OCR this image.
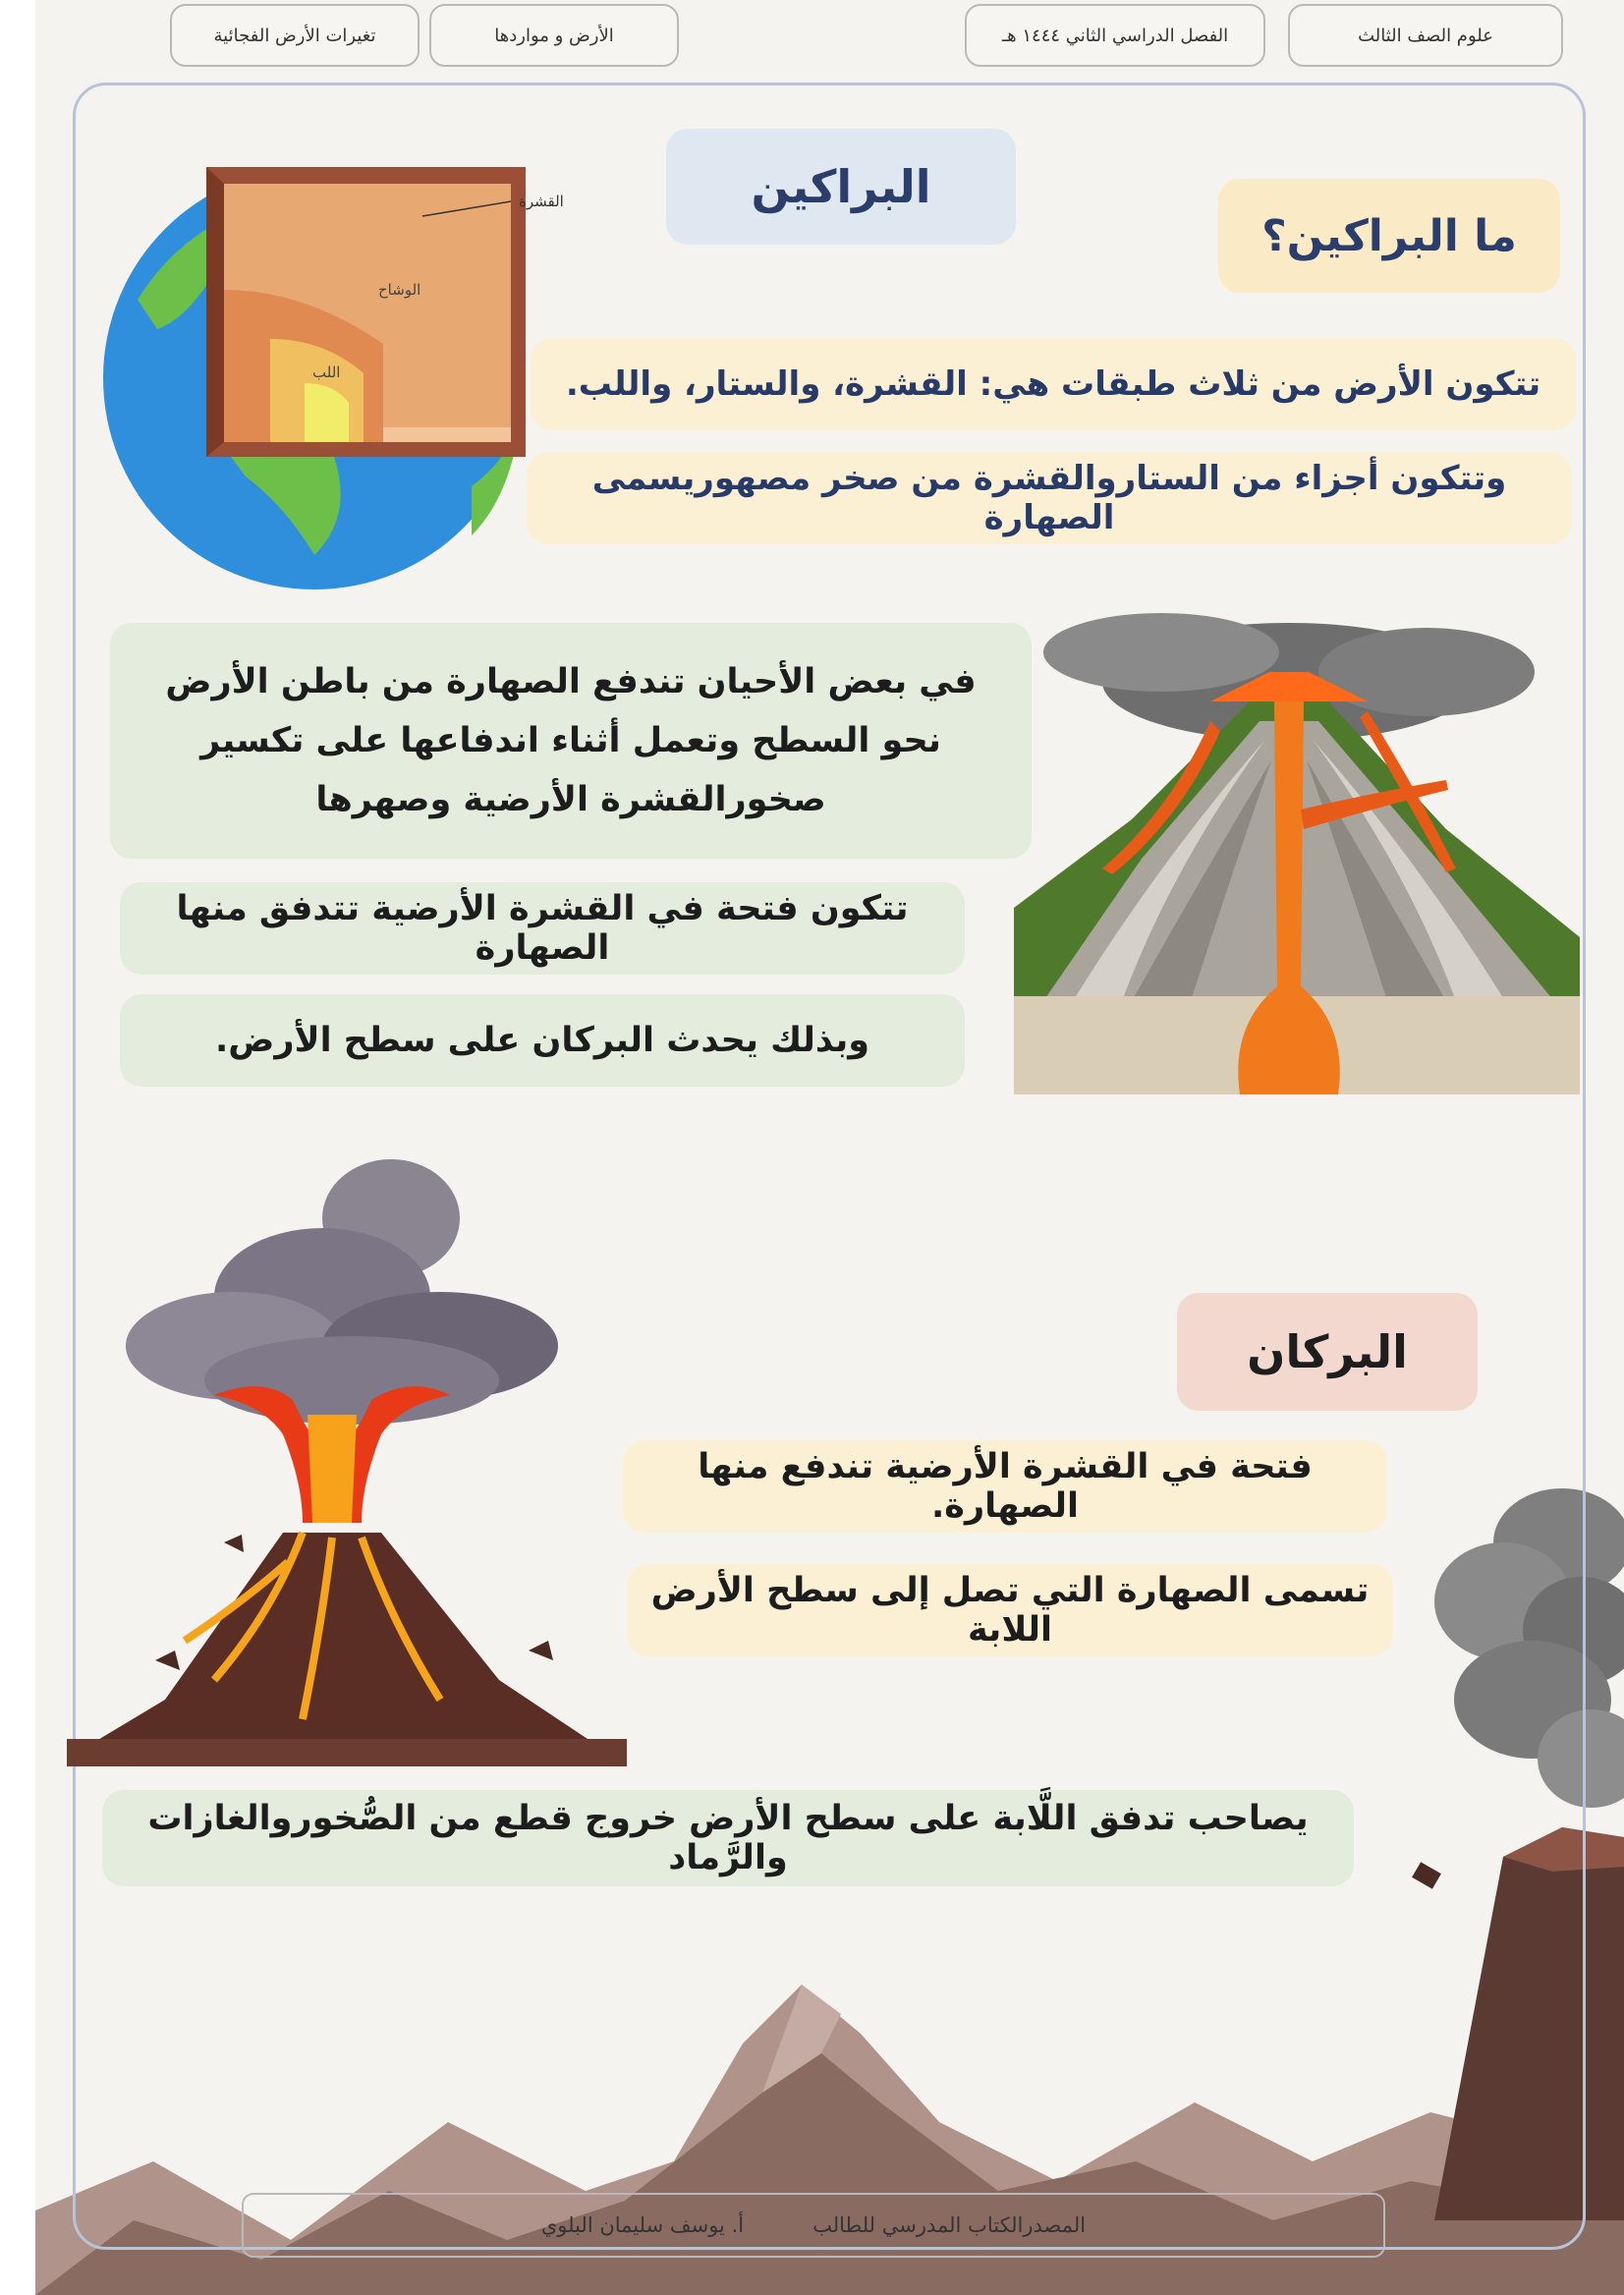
علوم الصف الثالث
الفصل الدراسي الثاني ١٤٤٤ هـ
الأرض و مواردها
تغيرات الأرض الفجائية
القشرة
الوشاح
اللب
البراكين
ما البراكين؟
تتكون الأرض من ثلاث طبقات هي: القشرة، والستار، واللب.
وتتكون أجزاء من الستاروالقشرة من صخر مصهوريسمى الصهارة
في بعض الأحيان تندفع الصهارة من باطن الأرض
نحو السطح وتعمل أثناء اندفاعها على تكسير
صخورالقشرة الأرضية وصهرها
تتكون فتحة في القشرة الأرضية تتدفق منها الصهارة
وبذلك يحدث البركان على سطح الأرض.
البركان
فتحة في القشرة الأرضية تندفع منها الصهارة.
تسمى الصهارة التي تصل إلى سطح الأرض اللابة
يصاحب تدفق اللَّابة على سطح الأرض خروج قطع من الصُّخوروالغازات والرَّماد
المصدرالكتاب المدرسي للطالب
أ. يوسف سليمان البلوي
